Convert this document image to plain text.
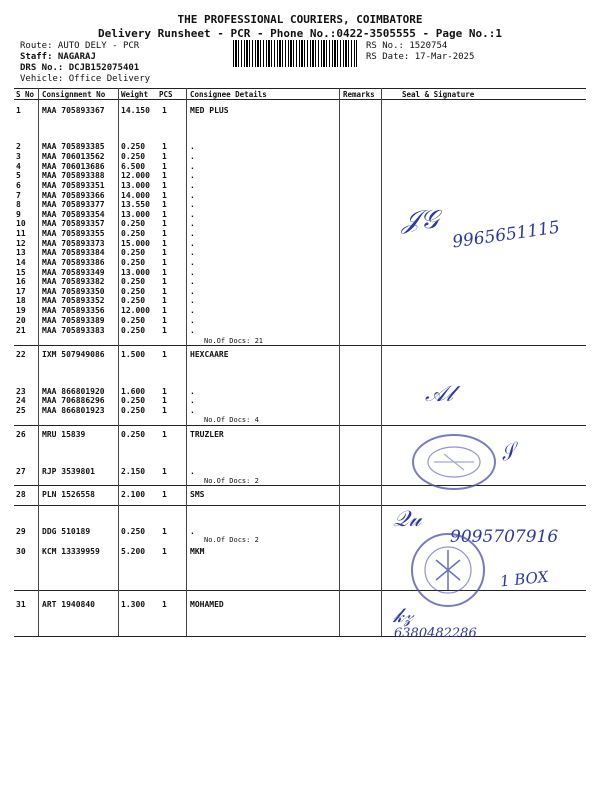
THE PROFESSIONAL COURIERS, COIMBATORE
Delivery Runsheet - PCR - Phone No.:0422-3505555 - Page No.:1
Route: AUTO DELY - PCR
Staff: NAGARAJ
DRS No.: DCJB152075401
Vehicle: Office Delivery
RS No.: 1520754
RS Date: 17-Mar-2025
S No Consignment No Weight PCS Consignee Details	Remarks	Seal & Signature
1	MAA 705893367 14.150 1	MED PLUS
2	MAA 705893385 0.250 1	.
3	MAA 706013562 0.250 1	.
4	MAA 706013686 6.500 1	.
5	MAA 705893388 12.000 1	.
6	MAA 705893351 13.000 1	.
7	MAA 705893366 14.000 1	.
8	MAA 705893377 13.550 1	.
9	MAA 705893354 13.000 1	.
10 MAA 705893357 0.250 1	.
11 MAA 705893355 0.250 1	.
12 MAA 705893373 15.000 1	.
13 MAA 705893384 0.250 1	.
14 MAA 705893386 0.250 1	.
15 MAA 705893349 13.000 1	.
16 MAA 705893382 0.250 1	.
17 MAA 705893350 0.250 1	.
18 MAA 705893352 0.250 1	.
19 MAA 705893356 12.000 1	.
20 MAA 705893389 0.250 1	.
21 MAA 705893383 0.250 1	.
No.Of Docs: 21
22 IXM 507949086 1.500 1	HEXCAARE
23 MAA 866801920 1.600 1	.
24 MAA 706886296 0.250 1	.
25 MAA 866801923 0.250 1	.
No.Of Docs: 4
26 MRU 15839	0.250 1	TRUZLER
27 RJP 3539801	2.150 1	.
No.Of Docs: 2
28 PLN 1526558	2.100 1	SMS
29 DDG 510189	0.250 1	.
No.Of Docs: 2
30 KCM 13339959	5.200 1	MKM
31 ART 1940840	1.300 1	MOHAMED
𝒥𝒢 9965651115
𝒜𝓁
𝒮
𝒬𝓊
9095707916
1 BOX
𝓀𝓏
6380482286
